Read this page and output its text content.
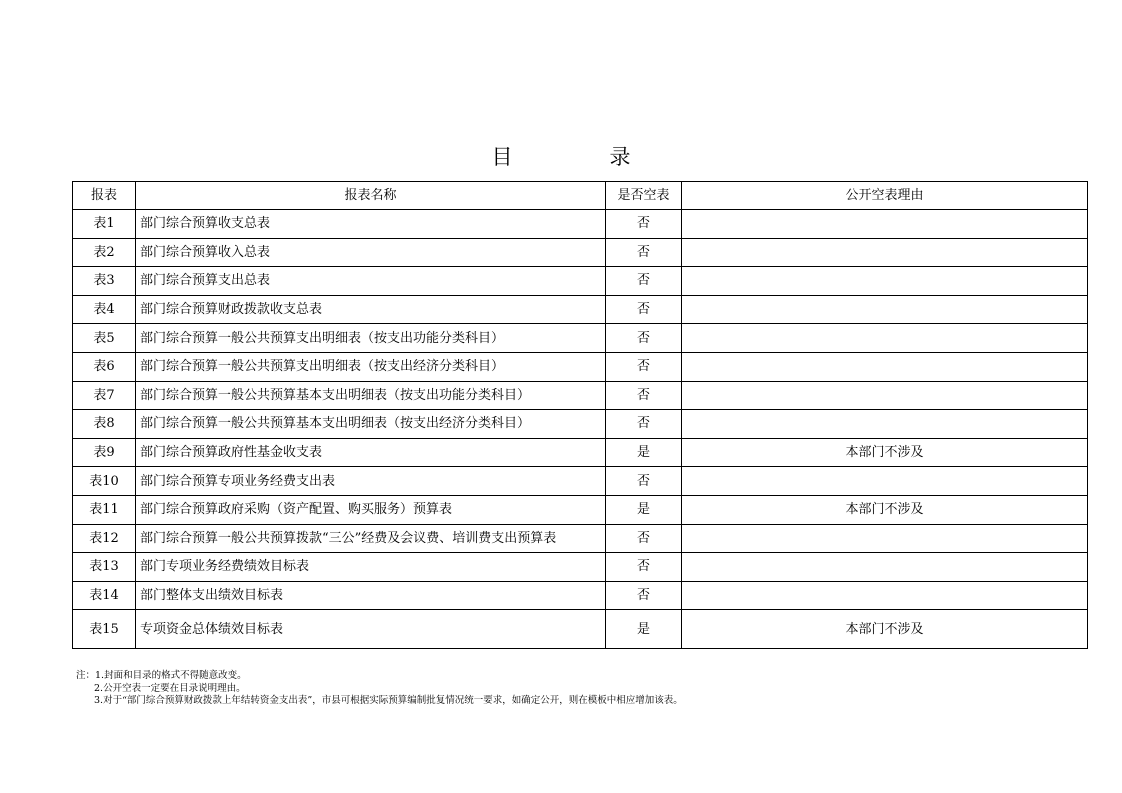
目　录
报表	报表名称	是否空表	公开空表理由
表1	部门综合预算收支总表	否	
表2	部门综合预算收入总表	否	
表3	部门综合预算支出总表	否	
表4	部门综合预算财政拨款收支总表	否	
表5	部门综合预算一般公共预算支出明细表（按支出功能分类科目）	否	
表6	部门综合预算一般公共预算支出明细表（按支出经济分类科目）	否	
表7	部门综合预算一般公共预算基本支出明细表（按支出功能分类科目）	否	
表8	部门综合预算一般公共预算基本支出明细表（按支出经济分类科目）	否	
表9	部门综合预算政府性基金收支表	是	本部门不涉及
表10	部门综合预算专项业务经费支出表	否	
表11	部门综合预算政府采购（资产配置、购买服务）预算表	是	本部门不涉及
表12	部门综合预算一般公共预算拨款“三公”经费及会议费、培训费支出预算表	否	
表13	部门专项业务经费绩效目标表	否	
表14	部门整体支出绩效目标表	否	
表15	专项资金总体绩效目标表	是	本部门不涉及
注：1.封面和目录的格式不得随意改变。
2.公开空表一定要在目录说明理由。
3.对于“部门综合预算财政拨款上年结转资金支出表”，市县可根据实际预算编制批复情况统一要求，如确定公开，则在模板中相应增加该表。
